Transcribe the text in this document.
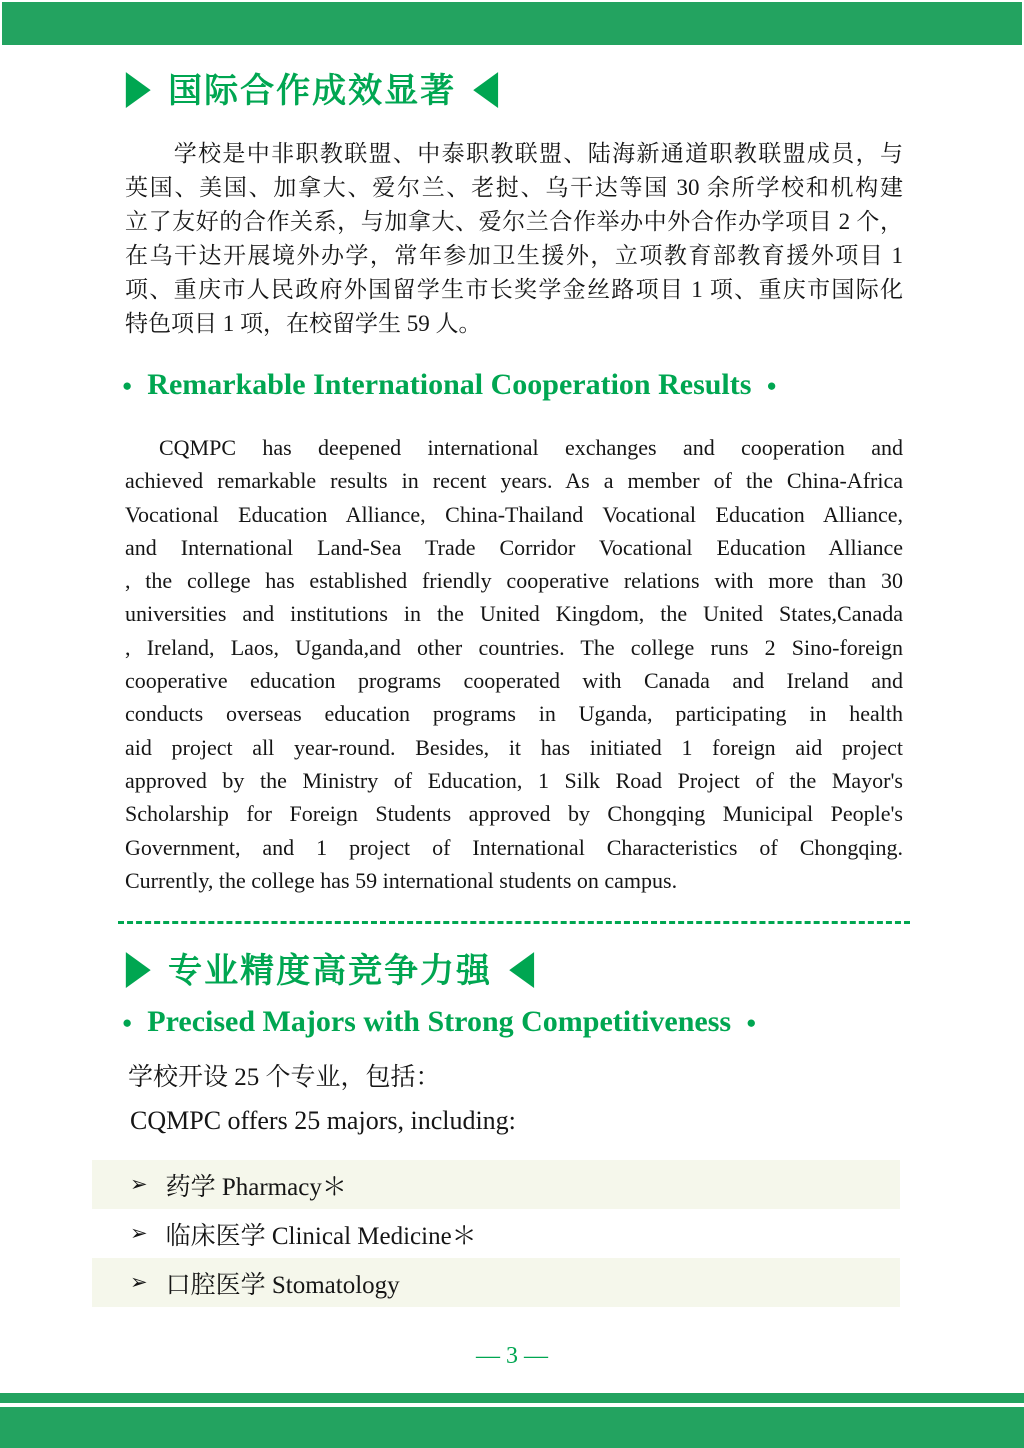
▶ 国际合作成效显著 ◀
　　学校是中非职教联盟、中泰职教联盟、陆海新通道职教联盟成员，与
英国、美国、加拿大、爱尔兰、老挝、乌干达等国 30 余所学校和机构建
立了友好的合作关系，与加拿大、爱尔兰合作举办中外合作办学项目 2 个，
在乌干达开展境外办学，常年参加卫生援外，立项教育部教育援外项目 1
项、重庆市人民政府外国留学生市长奖学金丝路项目 1 项、重庆市国际化
特色项目 1 项，在校留学生 59 人。
● Remarkable International Cooperation Results ●
CQMPC has deepened international exchanges and cooperation and
achieved remarkable results in recent years. As a member of the China-Africa
Vocational Education Alliance, China-Thailand Vocational Education Alliance,
and International Land-Sea Trade Corridor Vocational Education Alliance
, the college has established friendly cooperative relations with more than 30
universities and institutions in the United Kingdom, the United States,Canada
, Ireland, Laos, Uganda,and other countries. The college runs 2 Sino-foreign
cooperative education programs cooperated with Canada and Ireland and
conducts overseas education programs in Uganda, participating in health
aid project all year-round. Besides, it has initiated 1 foreign aid project
approved by the Ministry of Education, 1 Silk Road Project of the Mayor's
Scholarship for Foreign Students approved by Chongqing Municipal People's
Government, and 1 project of International Characteristics of Chongqing.
Currently, the college has 59 international students on campus.
▶ 专业精度高竞争力强 ◀
● Precised Majors with Strong Competitiveness ●
学校开设 25 个专业，包括：
CQMPC offers 25 majors, including:
➢ 药学 Pharmacy＊
➢ 临床医学 Clinical Medicine＊
➢ 口腔医学 Stomatology
— 3 —
